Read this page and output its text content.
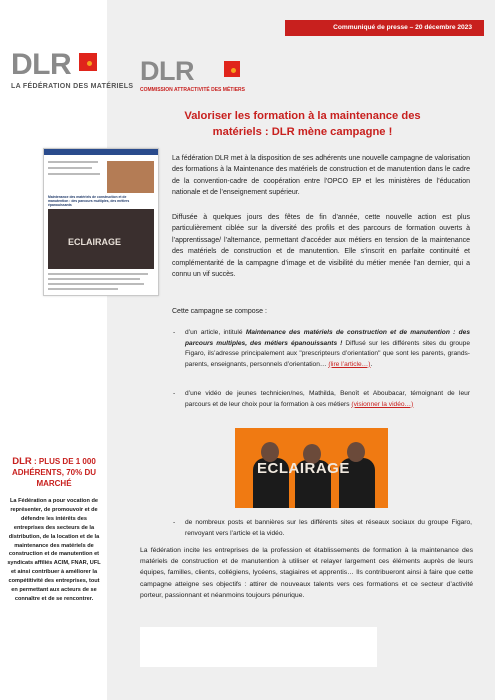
Communiqué de presse – 20 décembre 2023
DLR
LA FÉDÉRATION DES MATÉRIELS
DLR
COMMISSION ATTRACTIVITÉ DES MÉTIERS
Valoriser les formation à la maintenance des matériels : DLR mène campagne !
Maintenance des matériels de construction et de manutention : des parcours multiples, des métiers épanouissants
ECLAIRAGE
La fédération DLR met à la disposition de ses adhérents une nouvelle campagne de valorisation des formations à la Maintenance des matériels de construction et de manutention dans le cadre de la convention-cadre de coopération entre l’OPCO EP et les ministères de l’éducation nationale et de l’enseignement supérieur.
Diffusée à quelques jours des fêtes de fin d’année, cette nouvelle action est plus particulièrement ciblée sur la diversité des profils et des parcours de formation ouverts à l’apprentissage/ l’alternance, permettant d’accéder aux métiers en tension de la maintenance des matériels de construction et de manutention. Elle s’inscrit en parfaite continuité et complémentarité de la campagne d’image et de visibilité du métier menée l’an dernier, qui a connu un vif succès.
Cette campagne se compose :
- d’un article, intitulé Maintenance des matériels de construction et de manutention : des parcours multiples, des métiers épanouissants ! Diffusé sur les différents sites du groupe Figaro, ils’adresse principalement aux "prescripteurs d’orientation" que sont les parents, grands-parents, enseignants, personnels d’orientation… (lire l’article…).
- d’une vidéo de jeunes technicien/nes, Mathilda, Benoît et Aboubacar, témoignant de leur parcours et de leur choix pour la formation à ces métiers (visionner la vidéo…)
ECLAIRAGE
- de nombreux posts et bannières sur les différents sites et réseaux sociaux du groupe Figaro, renvoyant vers l’article et la vidéo.
La fédération incite les entreprises de la profession et établissements de formation à la maintenance des matériels de construction et de manutention à utiliser et relayer largement ces éléments auprès de leurs équipes, familles, clients, collégiens, lycéens, stagiaires et apprentis… Ils contribueront ainsi à faire que cette campagne atteigne ses objectifs : attirer de nouveaux talents vers ces formations et ce secteur d’activité porteur, passionnant et néanmoins toujours pénurique.
DLR : PLUS DE 1 000 ADHÉRENTS, 70% DU MARCHÉ
La Fédération a pour vocation de représenter, de promouvoir et de défendre les intérêts des entreprises des secteurs de la distribution, de la location et de la maintenance des matériels de construction et de manutention et syndicats affiliés ACIM, FNAR, UFL et ainsi contribuer à améliorer la compétitivité des entreprises, tout en permettant aux acteurs de se connaître et de se rencontrer.
